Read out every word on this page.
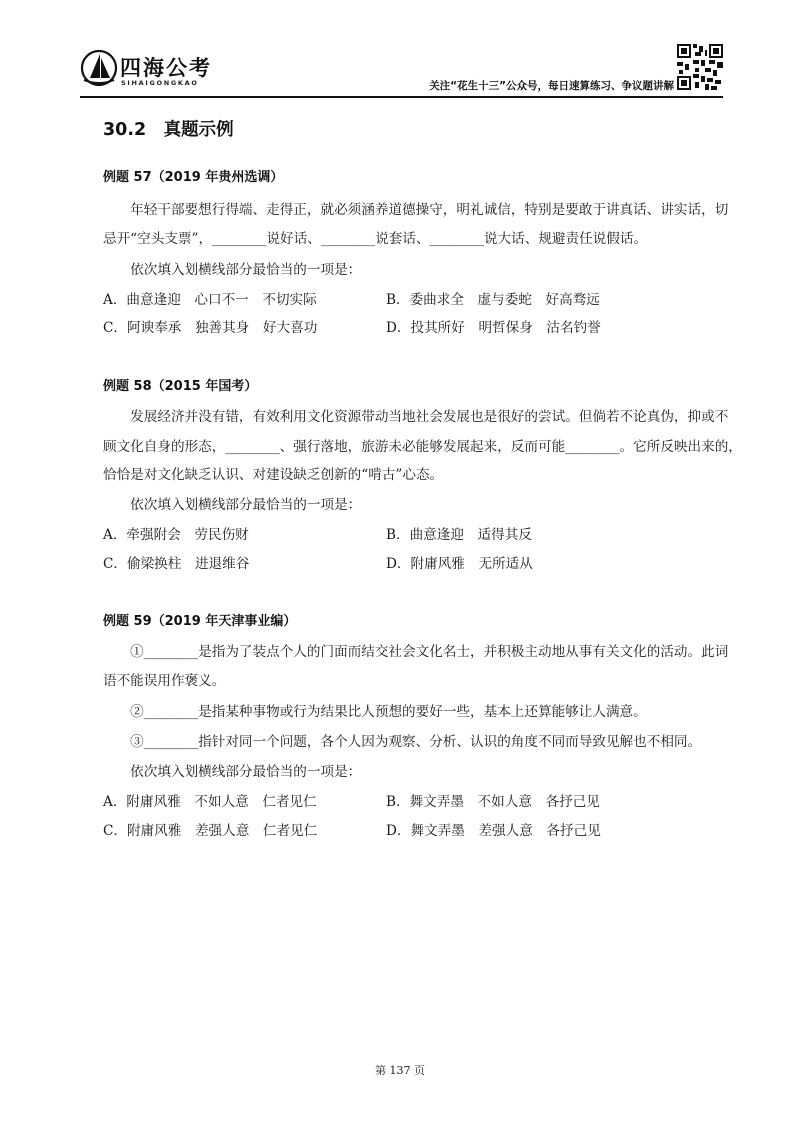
四海公考
SIHAIGONGKAO	关注“花生十三”公众号，每日速算练习、争议题讲解
30.2　真题示例
例题 57（2019 年贵州选调）
　　年轻干部要想行得端、走得正，就必须涵养道德操守，明礼诚信，特别是要敢于讲真话、讲实话，切
忌开“空头支票”，________说好话、________说套话、________说大话、规避责任说假话。
　　依次填入划横线部分最恰当的一项是：
A．曲意逢迎　心口不一　不切实际	B．委曲求全　虚与委蛇　好高骛远
C．阿谀奉承　独善其身　好大喜功	D．投其所好　明哲保身　沽名钓誉
例题 58（2015 年国考）
　　发展经济并没有错，有效利用文化资源带动当地社会发展也是很好的尝试。但倘若不论真伪，抑或不
顾文化自身的形态，________、强行落地，旅游未必能够发展起来，反而可能________。它所反映出来的，
恰恰是对文化缺乏认识、对建设缺乏创新的“啃古”心态。
　　依次填入划横线部分最恰当的一项是：
A．牵强附会　劳民伤财	B．曲意逢迎　适得其反
C．偷梁换柱　进退维谷	D．附庸风雅　无所适从
例题 59（2019 年天津事业编）
　　①________是指为了装点个人的门面而结交社会文化名士，并积极主动地从事有关文化的活动。此词
语不能误用作褒义。
　　②________是指某种事物或行为结果比人预想的要好一些，基本上还算能够让人满意。
　　③________指针对同一个问题，各个人因为观察、分析、认识的角度不同而导致见解也不相同。
　　依次填入划横线部分最恰当的一项是：
A．附庸风雅　不如人意　仁者见仁	B．舞文弄墨　不如人意　各抒己见
C．附庸风雅　差强人意　仁者见仁	D．舞文弄墨　差强人意　各抒己见
第 137 页
